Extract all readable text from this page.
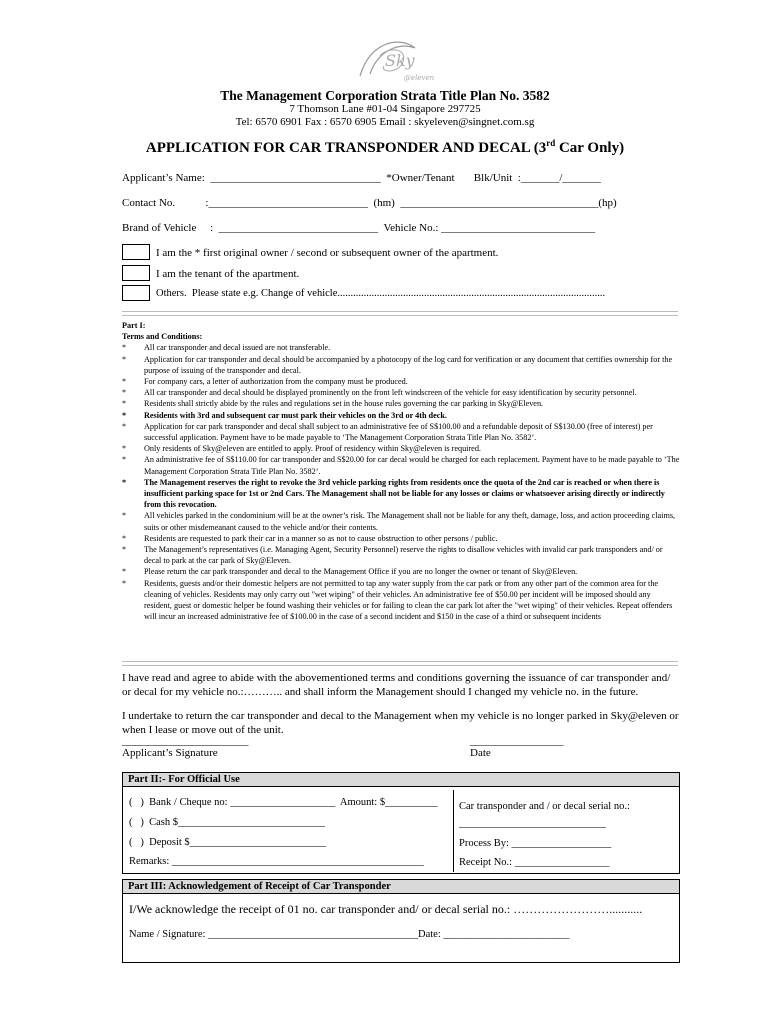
Sky
@eleven
The Management Corporation Strata Title Plan No. 3582
7 Thomson Lane #01-04 Singapore 297725
Tel: 6570 6901 Fax : 6570 6905 Email : skyeleven@singnet.com.sg
APPLICATION FOR CAR TRANSPONDER AND DECAL (3rd Car Only)
Applicant’s Name:  _______________________________  *Owner/Tenant       Blk/Unit  :_______/_______
Contact No.           :_____________________________  (hm)  ____________________________________(hp)
Brand of Vehicle     :  _____________________________  Vehicle No.: ____________________________
I am the * first original owner / second or subsequent owner of the apartment.
I am the tenant of the apartment.
Others.  Please state e.g. Change of vehicle......................................................................................................
Part I:
Terms and Conditions:
* All car transponder and decal issued are not transferable.
* Application for car transponder and decal should be accompanied by a photocopy of the log card for verification or any document that certifies ownership for the purpose of issuing of the transponder and decal.
* For company cars, a letter of authorization from the company must be produced.
* All car transponder and decal should be displayed prominently on the front left windscreen of the vehicle for easy identification by security personnel.
* Residents shall strictly abide by the rules and regulations set in the house rules governing the car parking in Sky@Eleven.
* Residents with 3rd and subsequent car must park their vehicles on the 3rd or 4th deck.
* Application for car park transponder and decal shall subject to an administrative fee of S$100.00 and a refundable deposit of S$130.00 (free of interest) per successful application. Payment have to be made payable to ‘The Management Corporation Strata Title Plan No. 3582’.
* Only residents of Sky@eleven are entitled to apply. Proof of residency within Sky@eleven is required.
* An administrative fee of S$110.00 for car transponder and S$20.00 for car decal would be charged for each replacement. Payment have to be made payable to ‘The Management Corporation Strata Title Plan No. 3582’.
* The Management reserves the right to revoke the 3rd vehicle parking rights from residents once the quota of the 2nd car is reached or when there is insufficient parking space for 1st or 2nd Cars. The Management shall not be liable for any losses or claims or whatsoever arising directly or indirectly from this revocation.
* All vehicles parked in the condominium will be at the owner’s risk. The Management shall not be liable for any theft, damage, loss, and action proceeding claims, suits or other misdemeanant caused to the vehicle and/or their contents.
* Residents are requested to park their car in a manner so as not to cause obstruction to other persons / public.
* The Management’s representatives (i.e. Managing Agent, Security Personnel) reserve the rights to disallow vehicles with invalid car park transponders and/ or decal to park at the car park of Sky@Eleven.
* Please return the car park transponder and decal to the Management Office if you are no longer the owner or tenant of Sky@Eleven.
* Residents, guests and/or their domestic helpers are not permitted to tap any water supply from the car park or from any other part of the common area for the cleaning of vehicles. Residents may only carry out "wet wiping" of their vehicles. An administrative fee of $50.00 per incident will be imposed should any resident, guest or domestic helper be found washing their vehicles or for failing to clean the car park lot after the "wet wiping" of their vehicles. Repeat offenders will incur an increased administrative fee of $100.00 in the case of a second incident and $150 in the case of a third or subsequent incidents
I have read and agree to abide with the abovementioned terms and conditions governing the issuance of car transponder and/ or decal for my vehicle no.:……….. and shall inform the Management should I changed my vehicle no. in the future.
I undertake to return the car transponder and decal to the Management when my vehicle is no longer parked in Sky@eleven or when I lease or move out of the unit.
_______________________
Applicant’s Signature
_________________
Date
Part II:- For Official Use
(   )  Bank / Cheque no: ____________________  Amount: $__________
(   )  Cash $____________________________
(   )  Deposit $__________________________
Remarks: ________________________________________________
Car transponder and / or decal serial no.:
____________________________
Process By: ___________________
Receipt No.: __________________
Part III: Acknowledgement of Receipt of Car Transponder
I/We acknowledge the receipt of 01 no. car transponder and/ or decal serial no.: ……………………...........
Name / Signature: ________________________________________Date: ________________________
